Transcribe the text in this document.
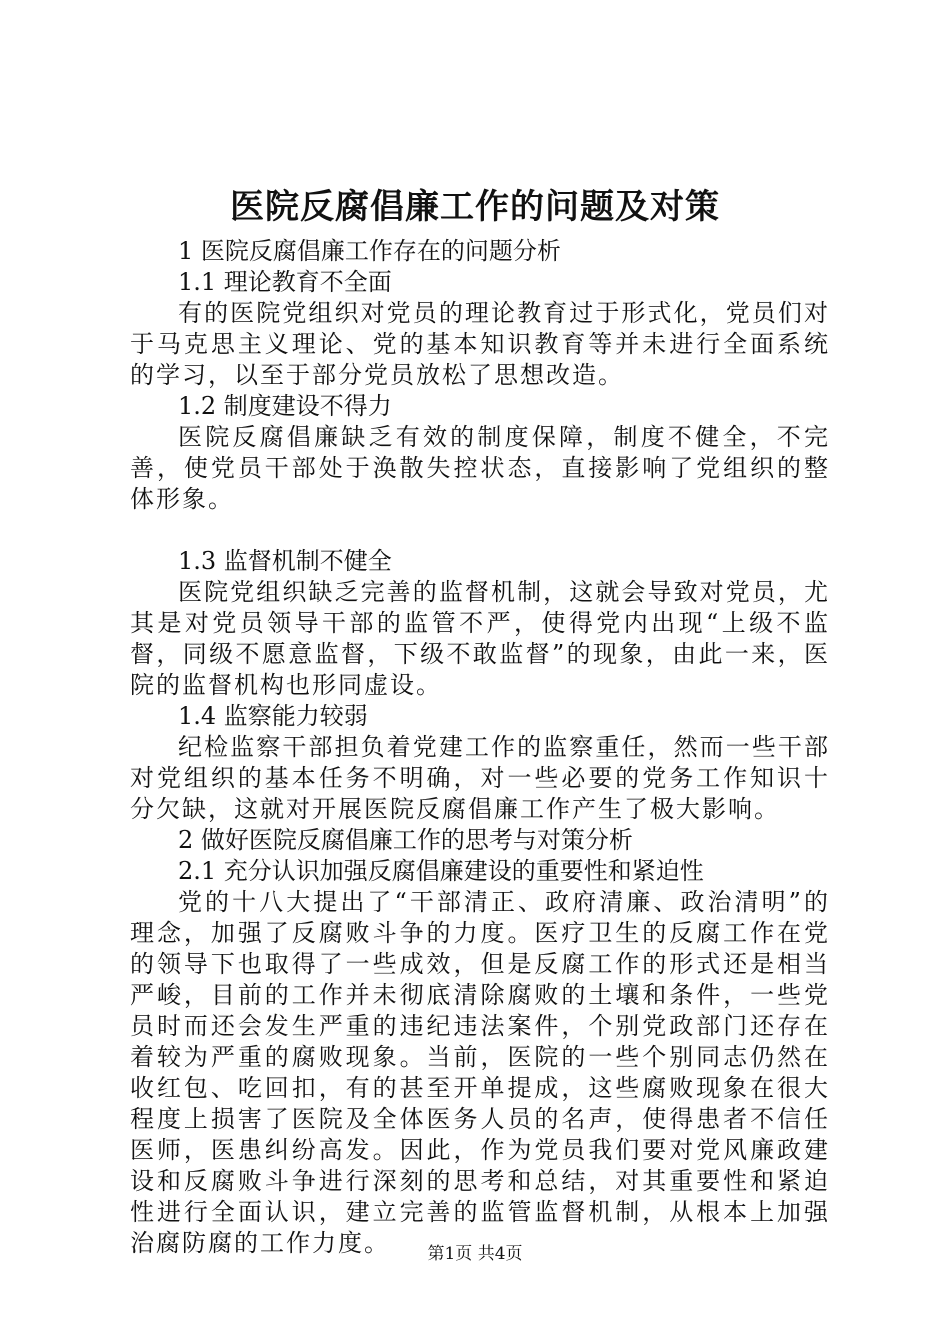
医院反腐倡廉工作的问题及对策

1 医院反腐倡廉工作存在的问题分析

1.1 理论教育不全面

有的医院党组织对党员的理论教育过于形式化，党员们对于马克思主义理论、党的基本知识教育等并未进行全面系统的学习，以至于部分党员放松了思想改造。

1.2 制度建设不得力

医院反腐倡廉缺乏有效的制度保障，制度不健全，不完善，使党员干部处于涣散失控状态，直接影响了党组织的整体形象。

1.3 监督机制不健全

医院党组织缺乏完善的监督机制，这就会导致对党员，尤其是对党员领导干部的监管不严，使得党内出现“上级不监督，同级不愿意监督，下级不敢监督”的现象，由此一来，医院的监督机构也形同虚设。

1.4 监察能力较弱

纪检监察干部担负着党建工作的监察重任，然而一些干部对党组织的基本任务不明确，对一些必要的党务工作知识十分欠缺，这就对开展医院反腐倡廉工作产生了极大影响。

2 做好医院反腐倡廉工作的思考与对策分析

2.1 充分认识加强反腐倡廉建设的重要性和紧迫性

党的十八大提出了“干部清正、政府清廉、政治清明”的理念，加强了反腐败斗争的力度。医疗卫生的反腐工作在党的领导下也取得了一些成效，但是反腐工作的形式还是相当严峻，目前的工作并未彻底清除腐败的土壤和条件，一些党员时而还会发生严重的违纪违法案件，个别党政部门还存在着较为严重的腐败现象。当前，医院的一些个别同志仍然在收红包、吃回扣，有的甚至开单提成，这些腐败现象在很大程度上损害了医院及全体医务人员的名声，使得患者不信任医师，医患纠纷高发。因此，作为党员我们要对党风廉政建设和反腐败斗争进行深刻的思考和总结，对其重要性和紧迫性进行全面认识，建立完善的监管监督机制，从根本上加强治腐防腐的工作力度。	第1页 共4页
